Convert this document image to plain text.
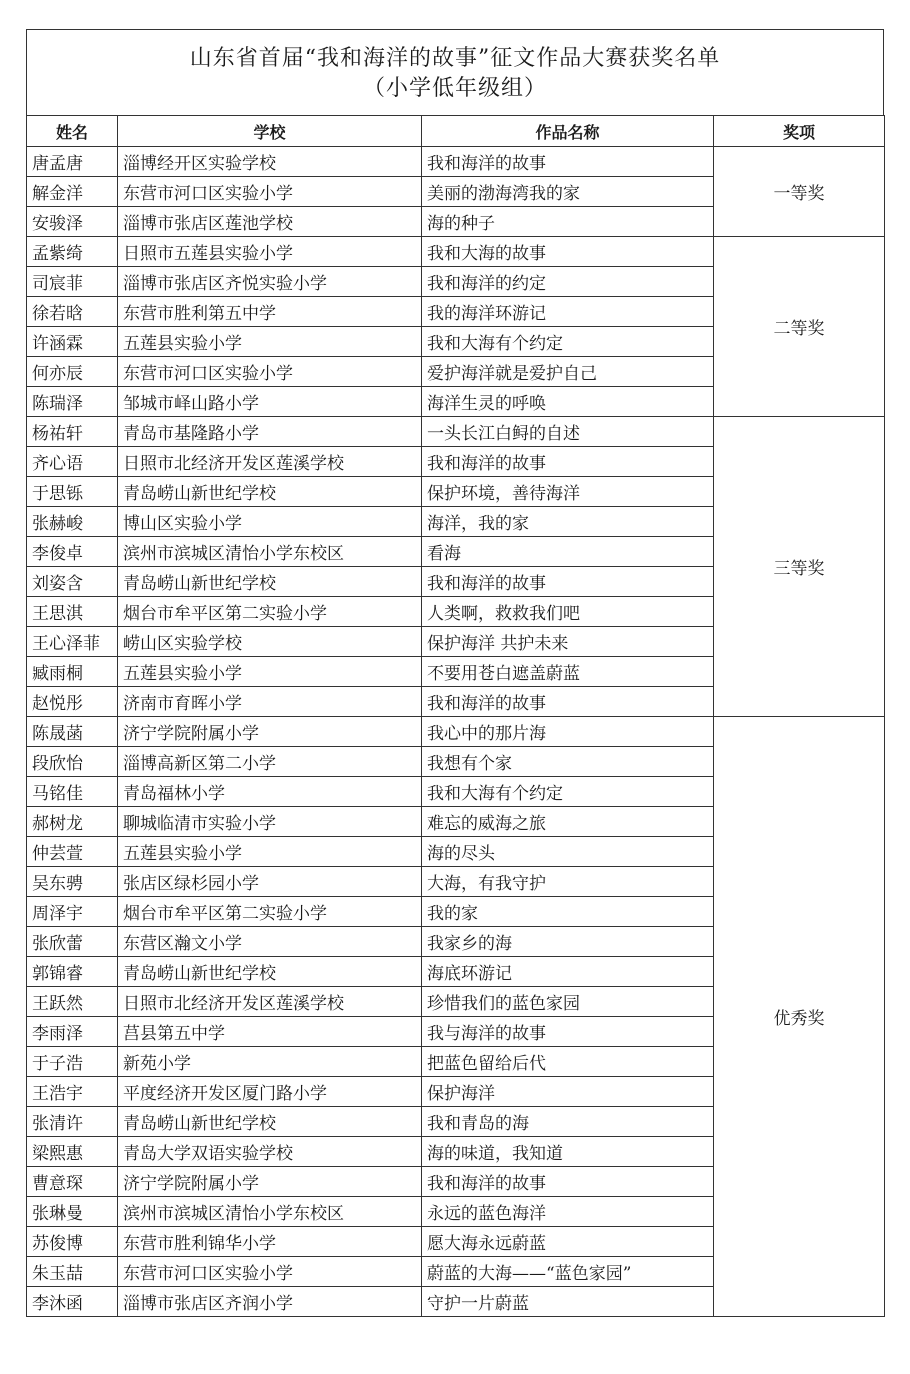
山东省首届“我和海洋的故事”征文作品大赛获奖名单
（小学低年级组）
姓名	学校	作品名称	奖项
唐孟唐	淄博经开区实验学校	我和海洋的故事	一等奖
解金洋	东营市河口区实验小学	美丽的渤海湾我的家	
安骏泽	淄博市张店区莲池学校	海的种子	
孟紫绮	日照市五莲县实验小学	我和大海的故事	二等奖
司宸菲	淄博市张店区齐悦实验小学	我和海洋的约定	
徐若晗	东营市胜利第五中学	我的海洋环游记	
许涵霖	五莲县实验小学	我和大海有个约定	
何亦辰	东营市河口区实验小学	爱护海洋就是爱护自己	
陈瑞泽	邹城市峄山路小学	海洋生灵的呼唤	
杨祐轩	青岛市基隆路小学	一头长江白鲟的自述	三等奖
齐心语	日照市北经济开发区莲溪学校	我和海洋的故事	
于思铄	青岛崂山新世纪学校	保护环境，善待海洋	
张赫峻	博山区实验小学	海洋，我的家	
李俊卓	滨州市滨城区清怡小学东校区	看海	
刘姿含	青岛崂山新世纪学校	我和海洋的故事	
王思淇	烟台市牟平区第二实验小学	人类啊，救救我们吧	
王心泽菲	崂山区实验学校	保护海洋 共护未来	
臧雨桐	五莲县实验小学	不要用苍白遮盖蔚蓝	
赵悦彤	济南市育晖小学	我和海洋的故事	
陈晟菡	济宁学院附属小学	我心中的那片海	优秀奖
段欣怡	淄博高新区第二小学	我想有个家	
马铭佳	青岛福林小学	我和大海有个约定	
郝树龙	聊城临清市实验小学	难忘的威海之旅	
仲芸萱	五莲县实验小学	海的尽头	
吴东骋	张店区绿杉园小学	大海，有我守护	
周泽宇	烟台市牟平区第二实验小学	我的家	
张欣蕾	东营区瀚文小学	我家乡的海	
郭锦睿	青岛崂山新世纪学校	海底环游记	
王跃然	日照市北经济开发区莲溪学校	珍惜我们的蓝色家园	
李雨泽	莒县第五中学	我与海洋的故事	
于子浩	新苑小学	把蓝色留给后代	
王浩宇	平度经济开发区厦门路小学	保护海洋	
张清许	青岛崂山新世纪学校	我和青岛的海	
梁熙惠	青岛大学双语实验学校	海的味道，我知道	
曹意琛	济宁学院附属小学	我和海洋的故事	
张琳曼	滨州市滨城区清怡小学东校区	永远的蓝色海洋	
苏俊博	东营市胜利锦华小学	愿大海永远蔚蓝	
朱玉喆	东营市河口区实验小学	蔚蓝的大海——“蓝色家园”	
李沐函	淄博市张店区齐润小学	守护一片蔚蓝	
